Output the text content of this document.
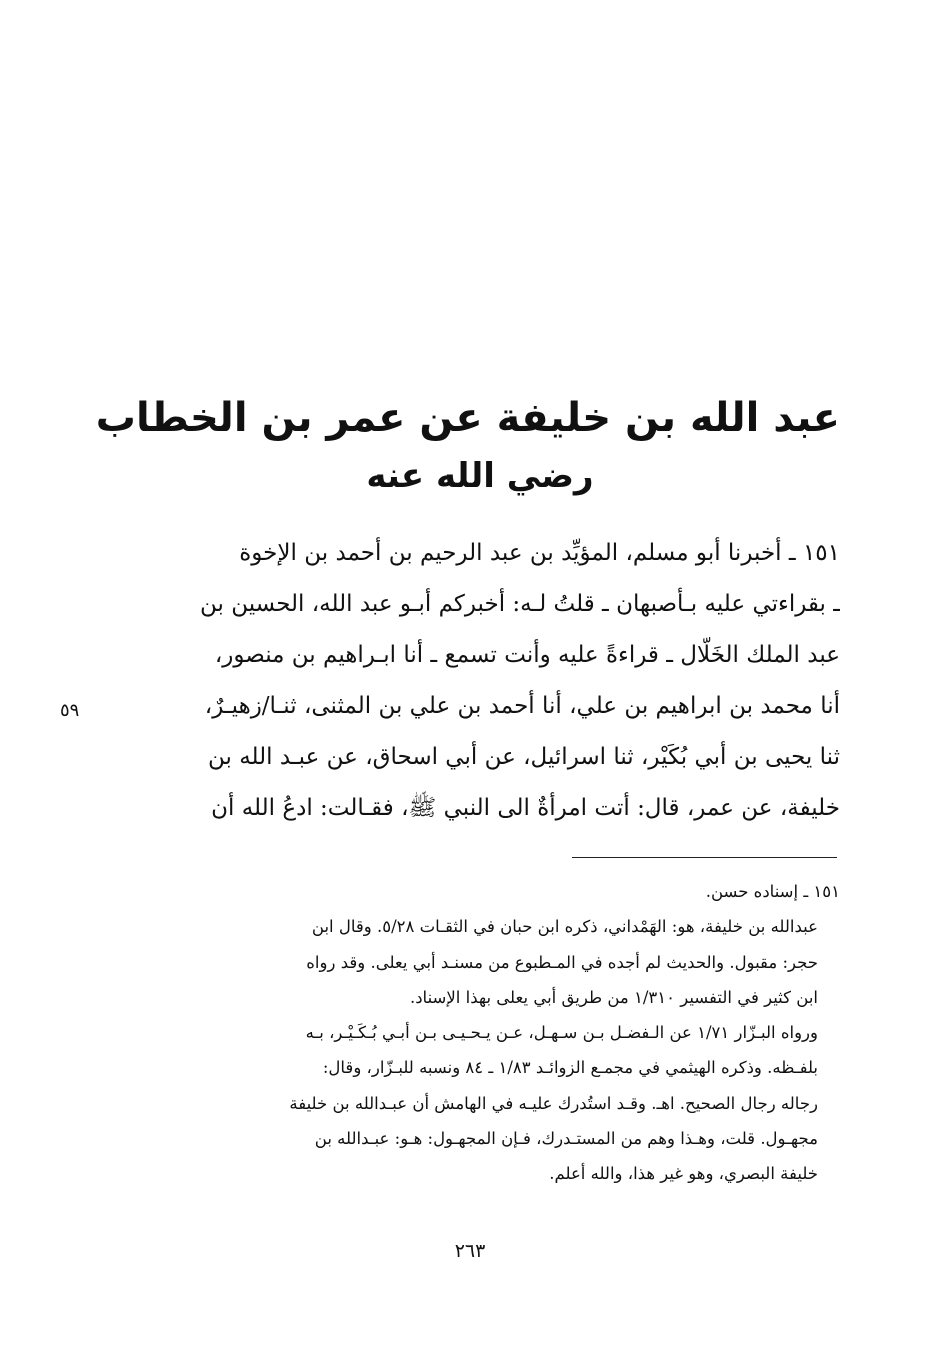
عبد الله بن خليفة عن عمر بن الخطاب
رضي الله عنه
١٥١ ـ أخبرنا أبو مسلم، المؤيِّد بن عبد الرحيم بن أحمد بن الإخوة
ـ بقراءتي عليه بـأصبهان ـ قلتُ لـه: أخبركم أبـو عبد الله، الحسين بن
عبد الملك الخَلّال ـ قراءةً عليه وأنت تسمع ـ أنا ابـراهيم بن منصور،
أنا محمد بن ابراهيم بن علي، أنا أحمد بن علي بن المثنى، ثنـا/زهيـرٌ،
ثنا يحيى بن أبي بُكَيْر، ثنا اسرائيل، عن أبي اسحاق، عن عبـد الله بن
خليفة، عن عمر، قال: أتت امرأةٌ الى النبي ﷺ، فقـالت: ادعُ الله أن
٥٩
١٥١ ـ إسناده حسن.
عبدالله بن خليفة، هو: الهَمْداني، ذكره ابن حبان في الثقـات ٥/٢٨. وقال ابن
حجر: مقبول. والحديث لم أجده في المـطبوع من مسنـد أبي يعلى. وقد رواه
ابن كثير في التفسير ١/٣١٠ من طريق أبي يعلى بهذا الإسناد.
ورواه البـزّار ١/٧١ عن الـفضـل بـن سـهـل، عـن يـحـيـى بـن أبـي بُـكَـيْـر، بـه
بلفـظه. وذكره الهيثمي في مجمـع الزوائـد ١/٨٣ ـ ٨٤ ونسبه للبـزّار، وقال:
رجاله رجال الصحيح. اهـ. وقـد استُدرك عليـه في الهامش أن عبـدالله بن خليفة
مجهـول. قلت، وهـذا وهم من المستـدرك، فـإن المجهـول: هـو: عبـدالله بن
خليفة البصري، وهو غير هذا، والله أعلم.
٢٦٣
